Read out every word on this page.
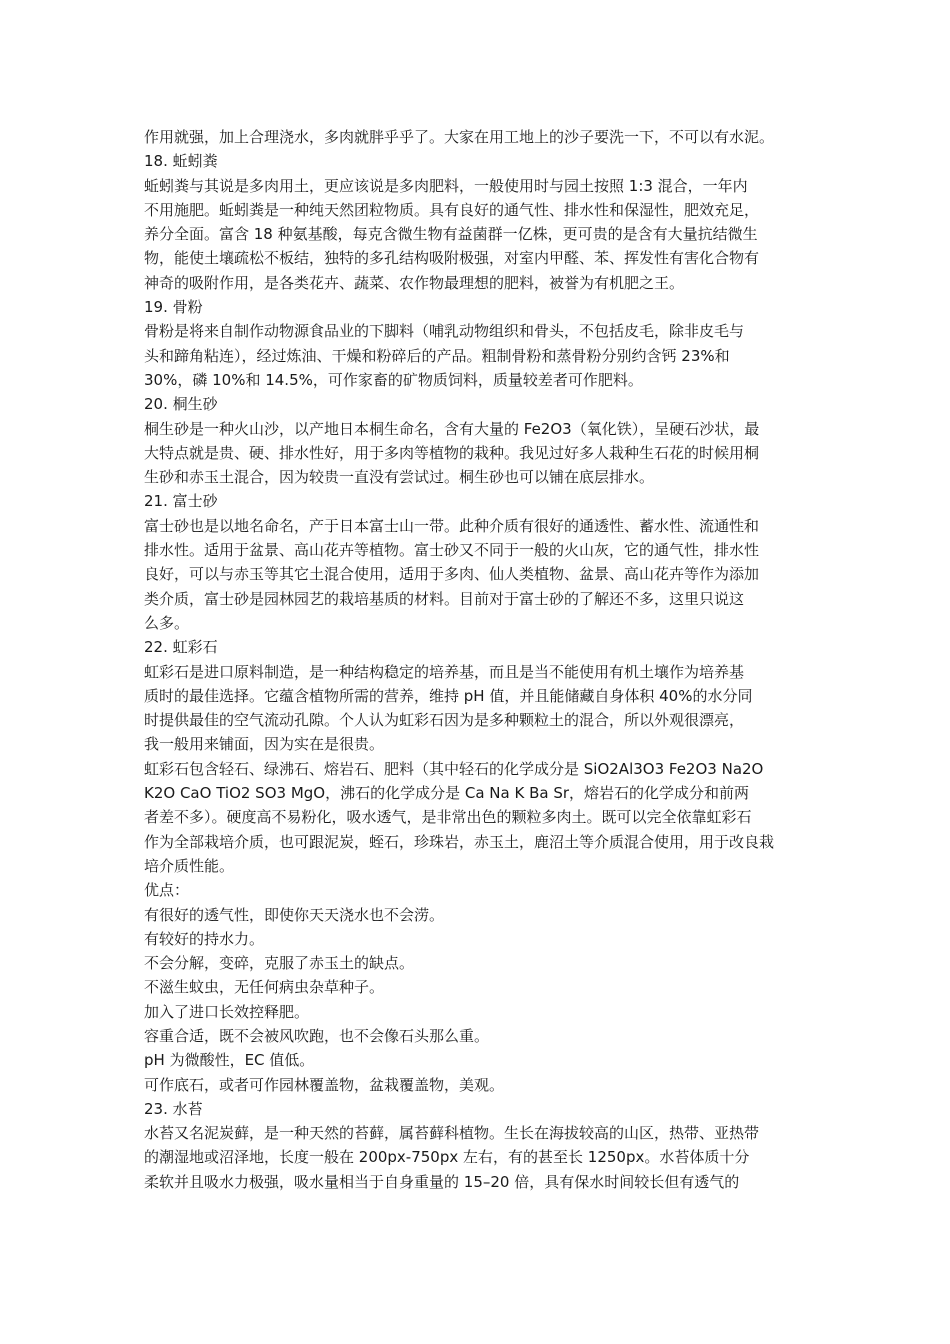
作用就强，加上合理浇水，多肉就胖乎乎了。大家在用工地上的沙子要洗一下，不可以有水泥。

18. 蚯蚓粪

蚯蚓粪与其说是多肉用土，更应该说是多肉肥料，一般使用时与园土按照 1:3 混合，一年内

不用施肥。蚯蚓粪是一种纯天然团粒物质。具有良好的通气性、排水性和保湿性，肥效充足，

养分全面。富含 18 种氨基酸，每克含微生物有益菌群一亿株，更可贵的是含有大量抗结微生

物，能使土壤疏松不板结，独特的多孔结构吸附极强，对室内甲醛、苯、挥发性有害化合物有

神奇的吸附作用，是各类花卉、蔬菜、农作物最理想的肥料，被誉为有机肥之王。

19. 骨粉

骨粉是将来自制作动物源食品业的下脚料（哺乳动物组织和骨头，不包括皮毛，除非皮毛与

头和蹄角粘连），经过炼油、干燥和粉碎后的产品。粗制骨粉和蒸骨粉分别约含钙 23%和

30%，磷 10%和 14.5%，可作家畜的矿物质饲料，质量较差者可作肥料。

20. 桐生砂

桐生砂是一种火山沙，以产地日本桐生命名，含有大量的 Fe2O3（氧化铁），呈硬石沙状，最

大特点就是贵、硬、排水性好，用于多肉等植物的栽种。我见过好多人栽种生石花的时候用桐

生砂和赤玉土混合，因为较贵一直没有尝试过。桐生砂也可以铺在底层排水。

21. 富士砂

富士砂也是以地名命名，产于日本富士山一带。此种介质有很好的通透性、蓄水性、流通性和

排水性。适用于盆景、高山花卉等植物。富士砂又不同于一般的火山灰，它的通气性，排水性

良好，可以与赤玉等其它土混合使用，适用于多肉、仙人类植物、盆景、高山花卉等作为添加

类介质，富士砂是园林园艺的栽培基质的材料。目前对于富士砂的了解还不多，这里只说这

么多。

22. 虹彩石

虹彩石是进口原料制造，是一种结构稳定的培养基，而且是当不能使用有机土壤作为培养基

质时的最佳选择。它蕴含植物所需的营养，维持 pH 值，并且能储藏自身体积 40%的水分同

时提供最佳的空气流动孔隙。个人认为虹彩石因为是多种颗粒土的混合，所以外观很漂亮，

我一般用来铺面，因为实在是很贵。

虹彩石包含轻石、绿沸石、熔岩石、肥料（其中轻石的化学成分是 SiO2Al3O3 Fe2O3 Na2O

K2O CaO TiO2 SO3 MgO，沸石的化学成分是 Ca Na K Ba Sr，熔岩石的化学成分和前两

者差不多）。硬度高不易粉化，吸水透气，是非常出色的颗粒多肉土。既可以完全依靠虹彩石

作为全部栽培介质，也可跟泥炭，蛭石，珍珠岩，赤玉土，鹿沼土等介质混合使用，用于改良栽

培介质性能。

优点：

有很好的透气性，即使你天天浇水也不会涝。

有较好的持水力。

不会分解，变碎，克服了赤玉土的缺点。

不滋生蚊虫，无任何病虫杂草种子。

加入了进口长效控释肥。

容重合适，既不会被风吹跑，也不会像石头那么重。

pH 为微酸性，EC 值低。

可作底石，或者可作园林覆盖物，盆栽覆盖物，美观。

23. 水苔

水苔又名泥炭藓，是一种天然的苔藓，属苔藓科植物。生长在海拔较高的山区，热带、亚热带

的潮湿地或沼泽地，长度一般在 200px-750px 左右，有的甚至长 1250px。水苔体质十分

柔软并且吸水力极强，吸水量相当于自身重量的 15–20 倍，具有保水时间较长但有透气的
